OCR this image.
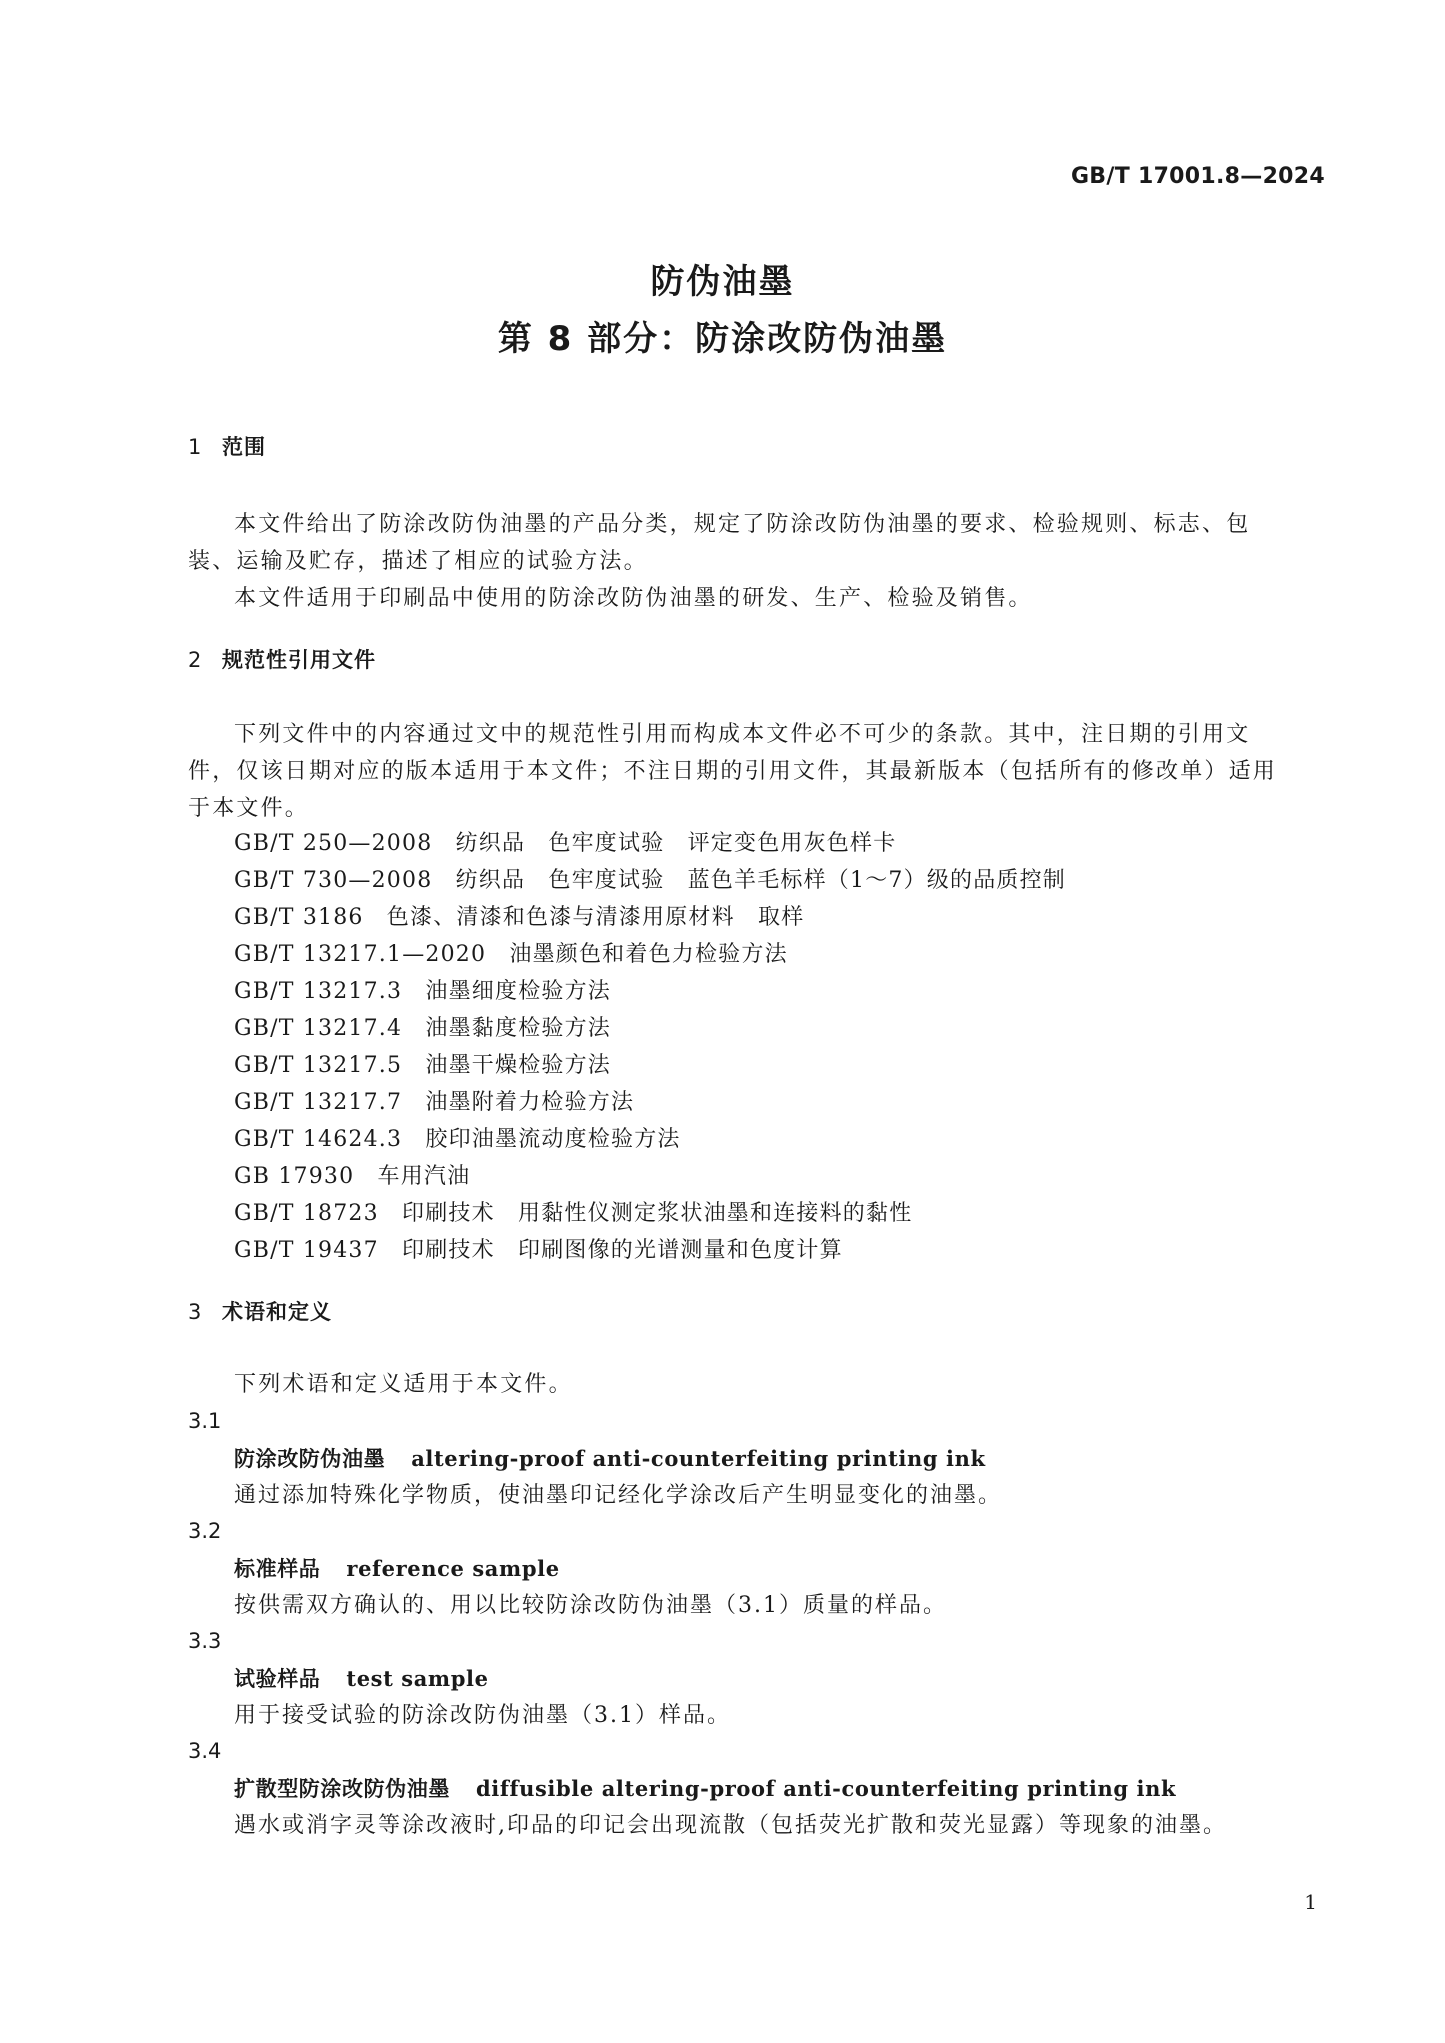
GB/T 17001.8—2024
防伪油墨
第 8 部分：防涂改防伪油墨
1 范围
本文件给出了防涂改防伪油墨的产品分类，规定了防涂改防伪油墨的要求、检验规则、标志、包
装、运输及贮存，描述了相应的试验方法。
本文件适用于印刷品中使用的防涂改防伪油墨的研发、生产、检验及销售。
2 规范性引用文件
下列文件中的内容通过文中的规范性引用而构成本文件必不可少的条款。其中，注日期的引用文
件，仅该日期对应的版本适用于本文件；不注日期的引用文件，其最新版本（包括所有的修改单）适用
于本文件。
GB/T 250—2008　纺织品　色牢度试验　评定变色用灰色样卡
GB/T 730—2008　纺织品　色牢度试验　蓝色羊毛标样（1～7）级的品质控制
GB/T 3186　色漆、清漆和色漆与清漆用原材料　取样
GB/T 13217.1—2020　油墨颜色和着色力检验方法
GB/T 13217.3　油墨细度检验方法
GB/T 13217.4　油墨黏度检验方法
GB/T 13217.5　油墨干燥检验方法
GB/T 13217.7　油墨附着力检验方法
GB/T 14624.3　胶印油墨流动度检验方法
GB 17930　车用汽油
GB/T 18723　印刷技术　用黏性仪测定浆状油墨和连接料的黏性
GB/T 19437　印刷技术　印刷图像的光谱测量和色度计算
3 术语和定义
下列术语和定义适用于本文件。
3.1
防涂改防伪油墨 altering-proof anti-counterfeiting printing ink
通过添加特殊化学物质，使油墨印记经化学涂改后产生明显变化的油墨。
3.2
标准样品 reference sample
按供需双方确认的、用以比较防涂改防伪油墨（3.1）质量的样品。
3.3
试验样品 test sample
用于接受试验的防涂改防伪油墨（3.1）样品。
3.4
扩散型防涂改防伪油墨 diffusible altering-proof anti-counterfeiting printing ink
遇水或消字灵等涂改液时,印品的印记会出现流散（包括荧光扩散和荧光显露）等现象的油墨。
1
